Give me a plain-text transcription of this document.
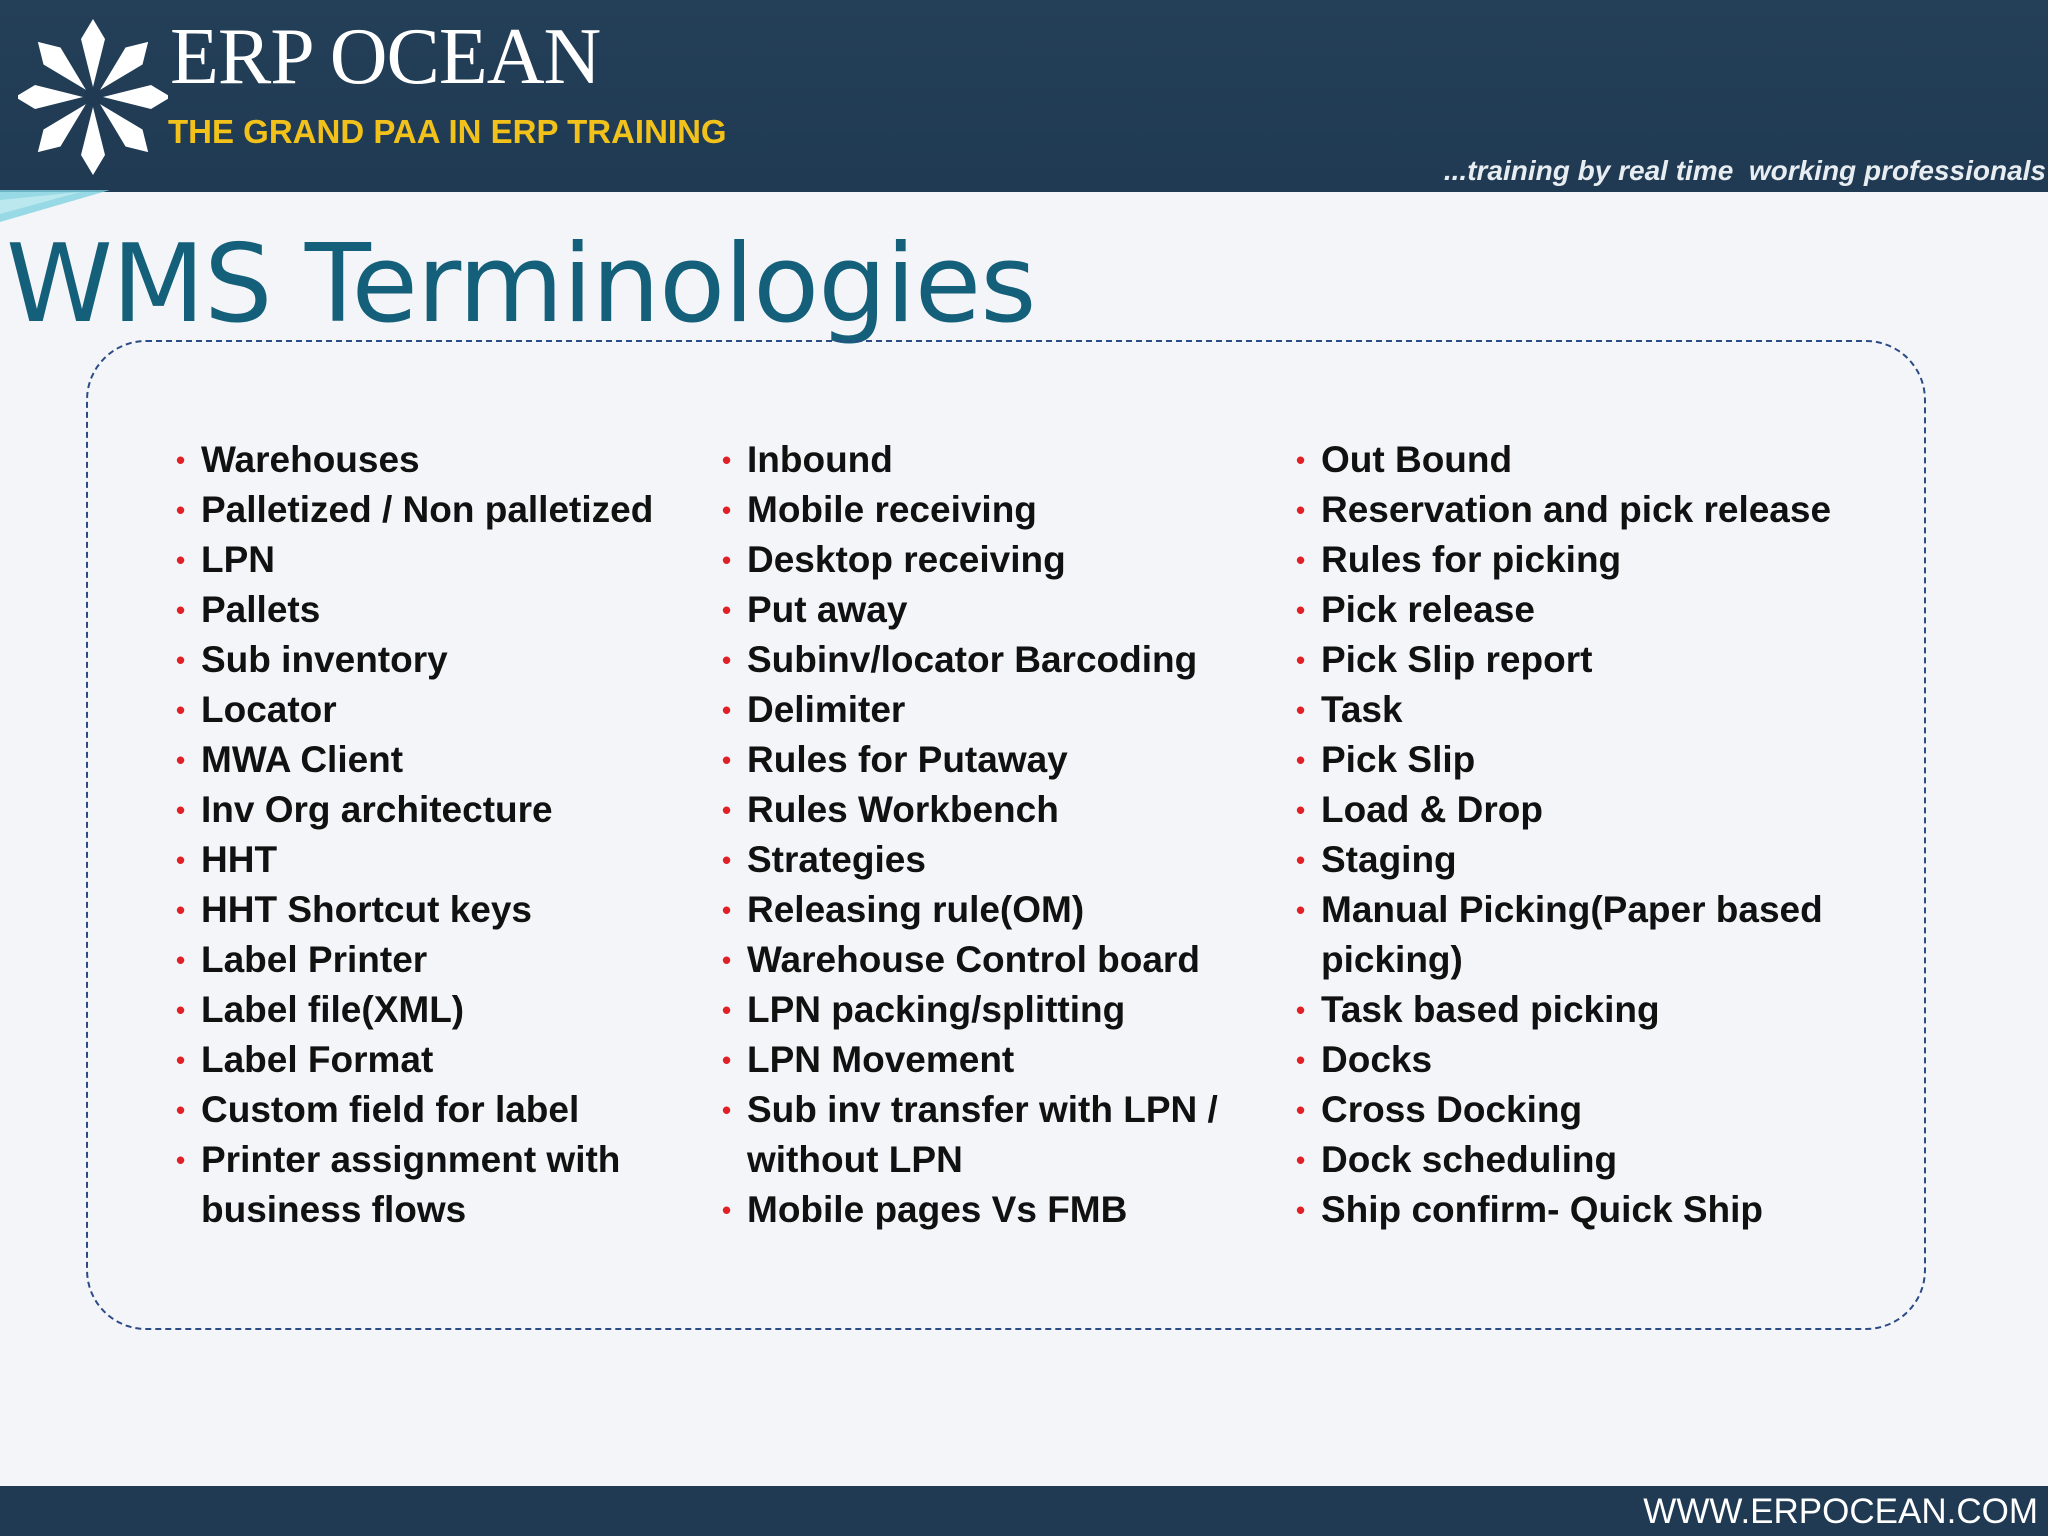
ERP OCEAN
THE GRAND PAA IN ERP TRAINING
...training by real time  working professionals
WMS Terminologies
• Warehouses
• Palletized / Non palletized
• LPN
• Pallets
• Sub inventory
• Locator
• MWA Client
• Inv Org architecture
• HHT
• HHT Shortcut keys
• Label Printer
• Label file(XML)
• Label Format
• Custom field for label
• Printer assignment with business flows
• Inbound
• Mobile receiving
• Desktop receiving
• Put away
• Subinv/locator Barcoding
• Delimiter
• Rules for Putaway
• Rules Workbench
• Strategies
• Releasing rule(OM)
• Warehouse Control board
• LPN packing/splitting
• LPN Movement
• Sub inv transfer with LPN / without LPN
• Mobile pages Vs FMB
• Out Bound
• Reservation and pick release
• Rules for picking
• Pick release
• Pick Slip report
• Task
• Pick Slip
• Load & Drop
• Staging
• Manual Picking(Paper based picking)
• Task based picking
• Docks
• Cross Docking
• Dock scheduling
• Ship confirm- Quick Ship
WWW.ERPOCEAN.COM
